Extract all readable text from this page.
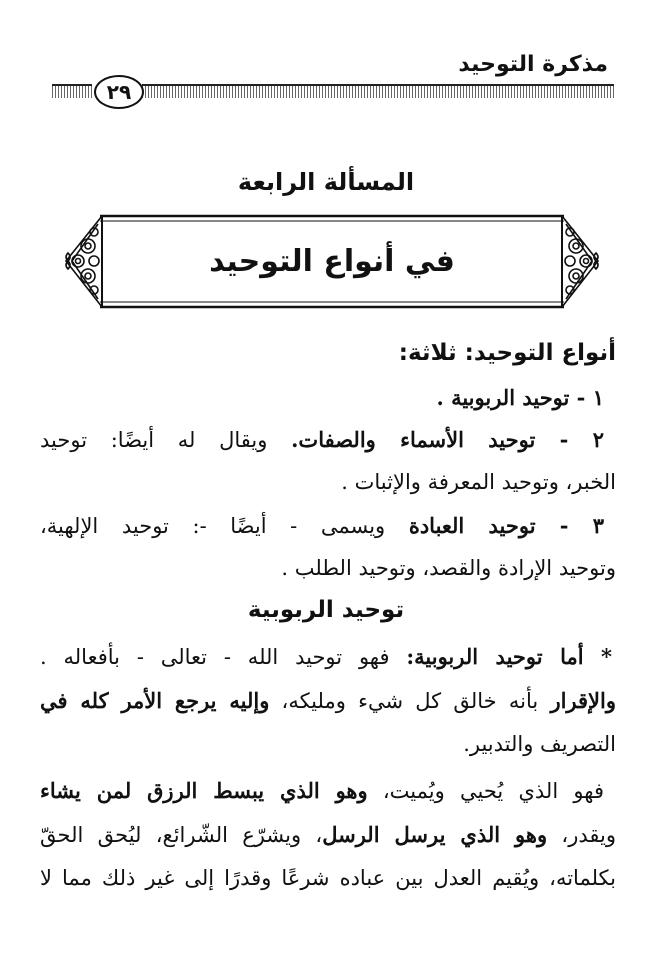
مذكرة التوحيد
٢٩
المسألة الرابعة
في أنواع التوحيد
أنواع التوحيد: ثلاثة:
١ - توحيد الربوبية .
٢ - توحيد الأسماء والصفات. ويقال له أيضًا: توحيد
الخبر، وتوحيد المعرفة والإثبات .
٣ - توحيد العبادة ويسمى - أيضًا -: توحيد الإلهية،
وتوحيد الإرادة والقصد، وتوحيد الطلب .
توحيد الربوبية
* أما توحيد الربوبية: فهو توحيد الله - تعالى - بأفعاله .
والإقرار بأنه خالق كل شيء ومليكه، وإليه يرجع الأمر كله في
التصريف والتدبير.
فهو الذي يُحيي ويُميت، وهو الذي يبسط الرزق لمن يشاء
ويقدر، وهو الذي يرسل الرسل، ويشرّع الشّرائع، ليُحق الحقّ
بكلماته، ويُقيم العدل بين عباده شرعًا وقدرًا إلى غير ذلك مما لا
